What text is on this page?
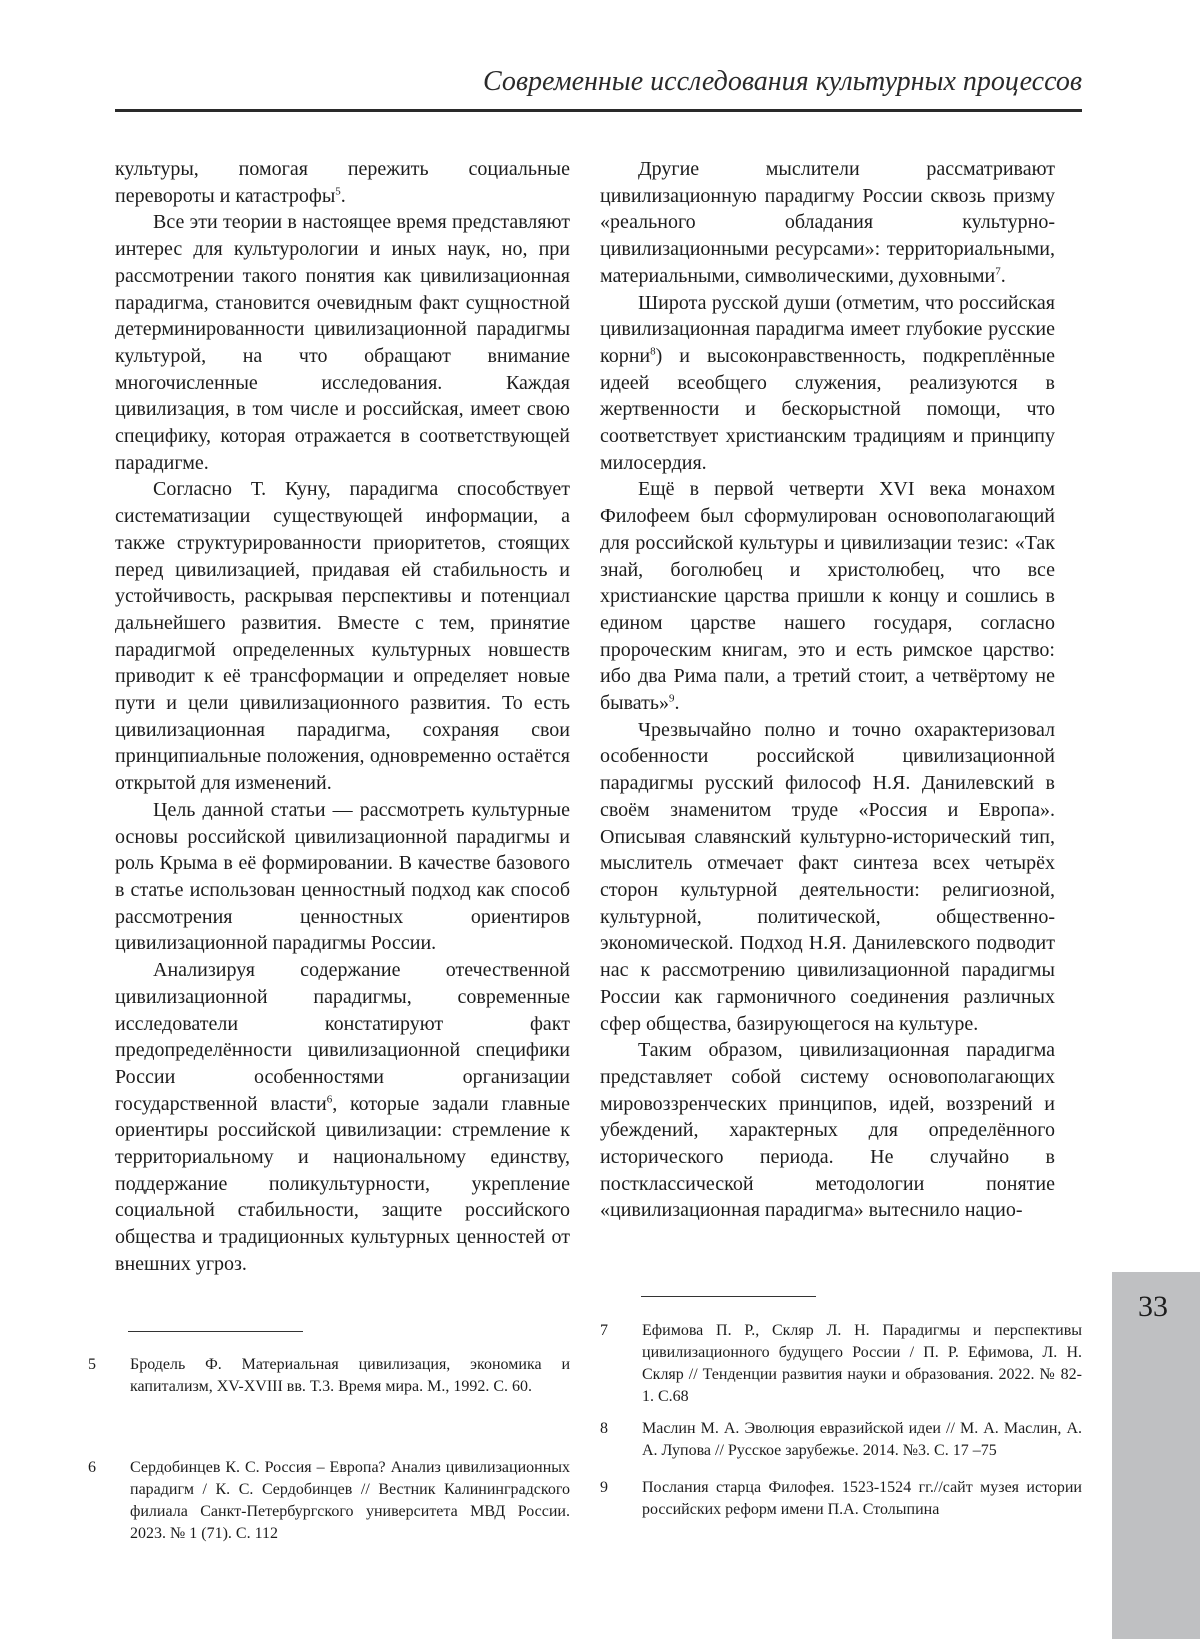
Современные исследования культурных процессов

культуры, помогая пережить социальные перевороты и катастрофы$^5$.

Все эти теории в настоящее время представляют интерес для культурологии и иных наук, но, при рассмотрении такого понятия как цивилизационная парадигма, становится очевидным факт сущностной детерминированности цивилизационной парадигмы культурой, на что обращают внимание многочисленные исследования. Каждая цивилизация, в том числе и российская, имеет свою специфику, которая отражается в соответствующей парадигме.

Согласно Т. Куну, парадигма способствует систематизации существующей информации, а также структурированности приоритетов, стоящих перед цивилизацией, придавая ей стабильность и устойчивость, раскрывая перспективы и потенциал дальнейшего развития. Вместе с тем, принятие парадигмой определенных культурных новшеств приводит к её трансформации и определяет новые пути и цели цивилизационного развития. То есть цивилизационная парадигма, сохраняя свои принципиальные положения, одновременно остаётся открытой для изменений.

Цель данной статьи — рассмотреть культурные основы российской цивилизационной парадигмы и роль Крыма в её формировании. В качестве базового в статье использован ценностный подход как способ рассмотрения ценностных ориентиров цивилизационной парадигмы России.

Анализируя содержание отечественной цивилизационной парадигмы, современные исследователи констатируют факт предопределённости цивилизационной специфики России особенностями организации государственной власти$^6$, которые задали главные ориентиры российской цивилизации: стремление к территориальному и национальному единству, поддержание поликультурности, укрепление социальной стабильности, защите российского общества и традиционных культурных ценностей от внешних угроз.

Другие мыслители рассматривают цивилизационную парадигму России сквозь призму «реального обладания культурно-цивилизационными ресурсами»: территориальными, материальными, символическими, духовными$^7$.

Широта русской души (отметим, что российская цивилизационная парадигма имеет глубокие русские корни$^8$) и высоконравственность, подкреплённые идеей всеобщего служения, реализуются в жертвенности и бескорыстной помощи, что соответствует христианским традициям и принципу милосердия.

Ещё в первой четверти XVI века монахом Филофеем был сформулирован основополагающий для российской культуры и цивилизации тезис: «Так знай, боголюбец и христолюбец, что все христианские царства пришли к концу и сошлись в едином царстве нашего государя, согласно пророческим книгам, это и есть римское царство: ибо два Рима пали, а третий стоит, а четвёртому не бывать»$^9$.

Чрезвычайно полно и точно охарактеризовал особенности российской цивилизационной парадигмы русский философ Н.Я. Данилевский в своём знаменитом труде «Россия и Европа». Описывая славянский культурно-исторический тип, мыслитель отмечает факт синтеза всех четырёх сторон культурной деятельности: религиозной, культурной, политической, общественно-экономической. Подход Н.Я. Данилевского подводит нас к рассмотрению цивилизационной парадигмы России как гармоничного соединения различных сфер общества, базирующегося на культуре.

Таким образом, цивилизационная парадигма представляет собой систему основополагающих мировоззренческих принципов, идей, воззрений и убеждений, характерных для определённого исторического периода. Не случайно в постклассической методологии понятие «цивилизационная парадигма» вытеснило нацио-

5	Бродель Ф. Материальная цивилизация, экономика и капитализм, XV-XVIII вв. Т.3. Время мира. М., 1992. С. 60.
6	Сердобинцев К. С. Россия – Европа? Анализ цивилизационных парадигм / К. С. Сердобинцев // Вестник Калининградского филиала Санкт-Петербургского университета МВД России. 2023. № 1 (71). С. 112
7	Ефимова П. Р., Скляр Л. Н. Парадигмы и перспективы цивилизационного будущего России / П. Р. Ефимова, Л. Н. Скляр // Тенденции развития науки и образования. 2022. № 82-1. С.68
8	Маслин М. А. Эволюция евразийской идеи // М. А. Маслин, А. А. Лупова // Русское зарубежье. 2014. №3. С. 17 –75
9	Послания старца Филофея. 1523-1524 гг.//сайт музея истории российских реформ имени П.А. Столыпина
33
